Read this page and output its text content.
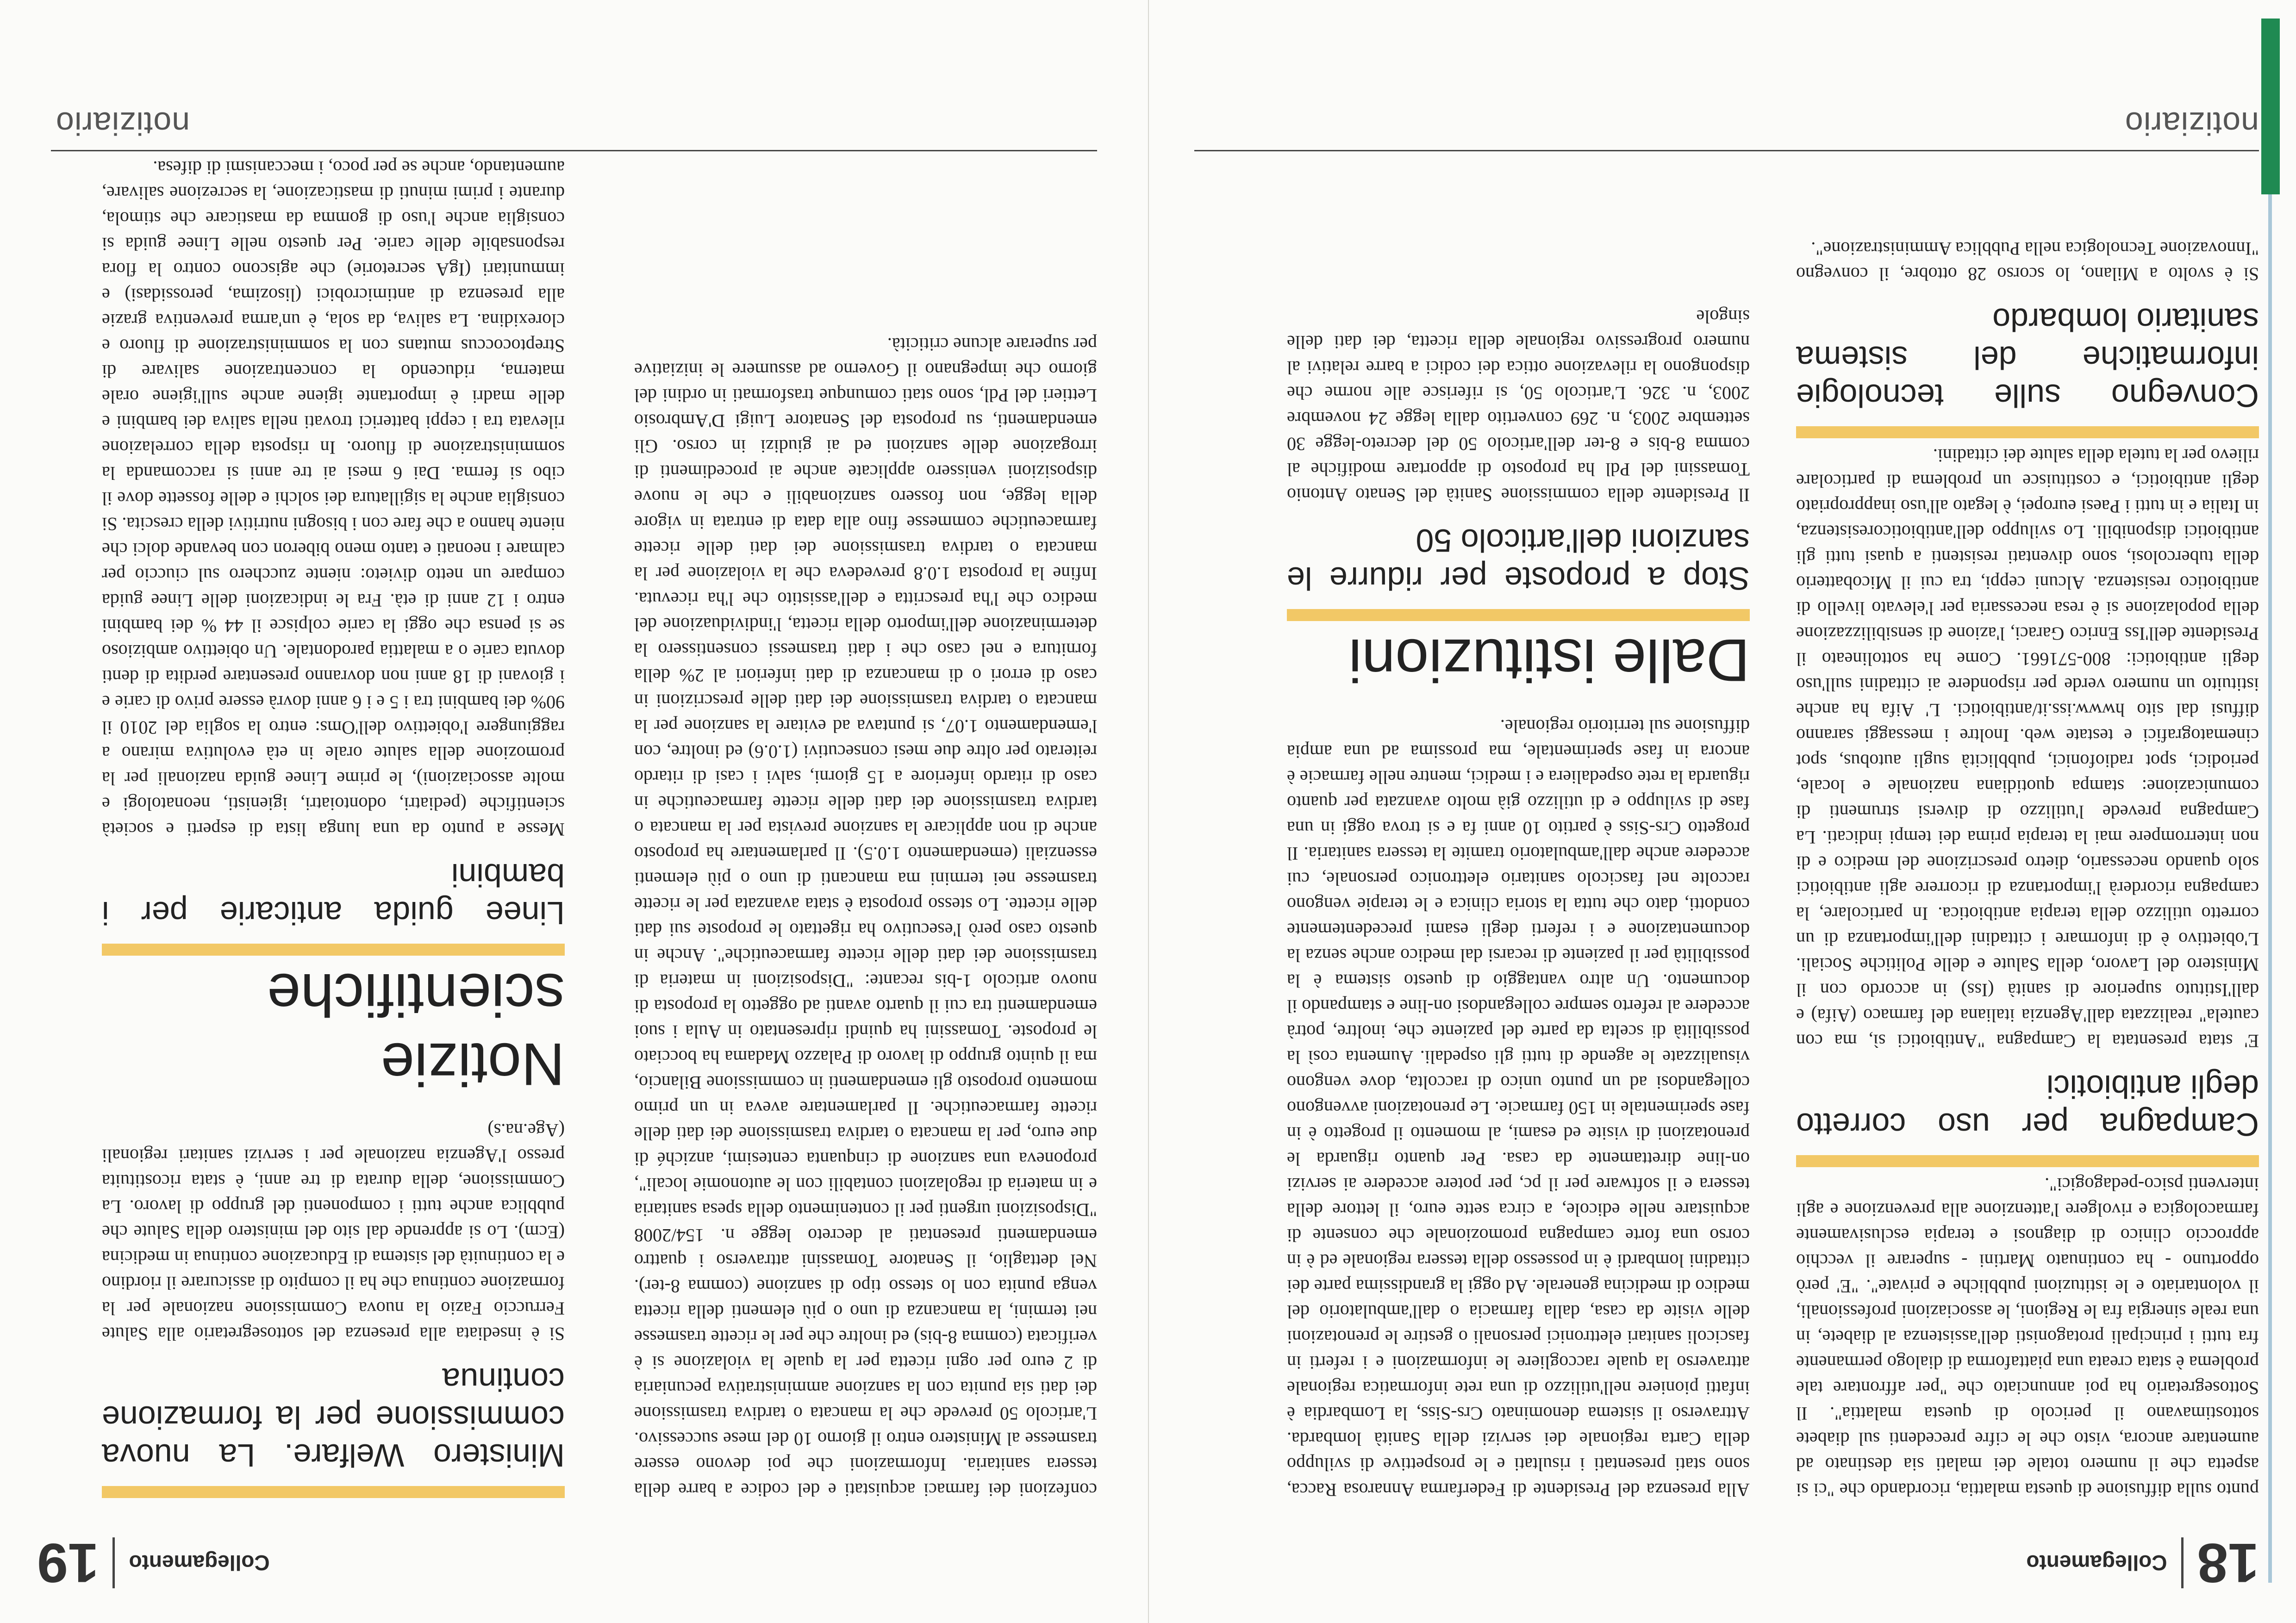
18
Collegamento

punto sulla diffusione di questa malattia, ricordando che "ci si aspetta che il numero totale dei malati sia destinato ad aumentare ancora, visto che le cifre precedenti sul diabete sottostimavano il pericolo di questa malattia". Il Sottosegretario ha poi annunciato che "per affrontare tale problema è stata creata una piattaforma di dialogo permanente fra tutti i principali protagonisti dell'assistenza al diabete, in una reale sinergia fra le Regioni, le associazioni professionali, il volontariato e le istituzioni pubbliche e private". "E' però opportuno - ha continuato Martini - superare il vecchio approccio clinico di diagnosi e terapia esclusivamente farmacologica e rivolgere l'attenzione alla prevenzione e agli interventi psico-pedagogici".

Campagna per uso corretto degli antibiotici

E' stata presentata la Campagna "Antibiotici sì, ma con cautela" realizzata dall'Agenzia italiana del farmaco (Aifa) e dall'Istituto superiore di sanità (Iss) in accordo con il Ministero del Lavoro, della Salute e delle Politiche Sociali. L'obiettivo è di informare i cittadini dell'importanza di un corretto utilizzo della terapia antibiotica. In particolare, la campagna ricorderà l'importanza di ricorrere agli antibiotici solo quando necessario, dietro prescrizione del medico e di non interrompere mai la terapia prima dei tempi indicati. La Campagna prevede l'utilizzo di diversi strumenti di comunicazione: stampa quotidiana nazionale e locale, periodici, spot radiofonici, pubblicità sugli autobus, spot cinematografici e testate web. Inoltre i messaggi saranno diffusi dal sito hwww.iss.it/antibiotici. L' Aifa ha anche istituito un numero verde per rispondere ai cittadini sull'uso degli antibiotici: 800-571661. Come ha sottolineato il Presidente dell'Iss Enrico Garaci, l'azione di sensibilizzazione della popolazione si è resa necessaria per l'elevato livello di antibiotico resistenza. Alcuni ceppi, tra cui il Micobatterio della tubercolosi, sono diventati resistenti a quasi tutti gli antibiotici disponibili. Lo sviluppo dell'antibioticoresistenza, in Italia e in tutti i Paesi europei, è legato all'uso inappropriato degli antibiotici, e costituisce un problema di particolare rilievo per la tutela della salute dei cittadini.

Convegno sulle tecnologie informatiche del sistema sanitario lombardo

Si è svolto a Milano, lo scorso 28 ottobre, il convegno "Innovazione Tecnologica nella Pubblica Amministrazione".

Alla presenza del Presidente di Federfarma Annarosa Racca, sono stati presentati i risultati e le prospettive di sviluppo della Carta regionale dei servizi della Sanità lombarda. Attraverso il sistema denominato Crs-Siss, la Lombardia è infatti pioniere nell'utilizzo di una rete informatica regionale attraverso la quale raccogliere le informazioni e i referti in fascicoli sanitari elettronici personali o gestire le prenotazioni delle visite da casa, dalla farmacia o dall'ambulatorio del medico di medicina generale. Ad oggi la grandissima parte dei cittadini lombardi è in possesso della tessera regionale ed è in corso una forte campagna promozionale che consente di acquistare nelle edicole, a circa sette euro, il lettore della tessera e il software per il pc, per potere accedere ai servizi on-line direttamente da casa. Per quanto riguarda le prenotazioni di visite ed esami, al momento il progetto è in fase sperimentale in 150 farmacie. Le prenotazioni avvengono collegandosi ad un punto unico di raccolta, dove vengono visualizzate le agende di tutti gli ospedali. Aumenta così la possibilità di scelta da parte del paziente che, inoltre, potrà accedere al referto sempre collegandosi on-line e stampando il documento. Un altro vantaggio di questo sistema è la possibilità per il paziente di recarsi dal medico anche senza la documentazione e i referti degli esami precedentemente condotti, dato che tutta la storia clinica e le terapie vengono raccolte nel fascicolo sanitario elettronico personale, cui accedere anche dall'ambulatorio tramite la tessera sanitaria. Il progetto Crs-Siss è partito 10 anni fa e si trova oggi in una fase di sviluppo e di utilizzo già molto avanzata per quanto riguarda la rete ospedaliera e i medici, mentre nelle farmacie è ancora in fase sperimentale, ma prossima ad una ampia diffusione sul territorio regionale.

Dalle istituzioni
Stop a proposte per ridurre le sanzioni dell'articolo 50

Il Presidente della commissione Sanità del Senato Antonio Tomassini del Pdl ha proposto di apportare modifiche al comma 8-bis e 8-ter dell'articolo 50 del decreto-legge 30 settembre 2003, n. 269 convertito dalla legge 24 novembre 2003, n. 326. L'articolo 50, si riferisce alle norme che dispongono la rilevazione ottica dei codici a barre relativi al numero progressivo regionale della ricetta, dei dati delle singole

notiziario
Collegamento
19

confezioni dei farmaci acquistati e del codice a barre della tessera sanitaria. Informazioni che poi devono essere trasmesse al Ministero entro il giorno 10 del mese successivo. L'articolo 50 prevede che la mancata o tardiva trasmissione dei dati sia punita con la sanzione amministrativa pecuniaria di 2 euro per ogni ricetta per la quale la violazione si è verificata (comma 8-bis) ed inoltre che per le ricette trasmesse nei termini, la mancanza di uno o più elementi della ricetta venga punita con lo stesso tipo di sanzione (comma 8-ter). Nel dettaglio, il Senatore Tomassini attraverso i quattro emendamenti presentati al decreto legge n. 154/2008 "Disposizioni urgenti per il contenimento della spesa sanitaria e in materia di regolazioni contabili con le autonomie locali", proponeva una sanzione di cinquanta centesimi, anziché di due euro, per la mancata o tardiva trasmissione dei dati delle ricette farmaceutiche. Il parlamentare aveva in un primo momento proposto gli emendamenti in commissione Bilancio, ma il quinto gruppo di lavoro di Palazzo Madama ha bocciato le proposte. Tomassini ha quindi ripresentato in Aula i suoi emendamenti tra cui il quarto avanti ad oggetto la proposta di nuovo articolo 1-bis recante: "Disposizioni in materia di trasmissione dei dati delle ricette farmaceutiche". Anche in questo caso però l'esecutivo ha rigettato le proposte sui dati delle ricette. Lo stesso proposta è stata avanzata per le ricette trasmesse nei termini ma mancanti di uno o più elementi essenziali (emendamento 1.0.5). Il parlamentare ha proposto anche di non applicare la sanzione prevista per la mancata o tardiva trasmissione dei dati delle ricette farmaceutiche in caso di ritardo inferiore a 15 giorni, salvi i casi di ritardo reiterato per oltre due mesi consecutivi (1.0.6) ed inoltre, con l'emendamento 1.07, si puntava ad evitare la sanzione per la mancata o tardiva trasmissione dei dati delle prescrizioni in caso di errori o di mancanza di dati inferiori al 2% della fornitura e nel caso che i dati trasmessi consentissero la determinazione dell'importo della ricetta, l'individuazione del medico che l'ha prescritta e dell'assistito che l'ha ricevuta. Infine la proposta 1.0.8 prevedeva che la violazione per la mancata o tardiva trasmissione dei dati delle ricette farmaceutiche commesse fino alla data di entrata in vigore della legge, non fossero sanzionabili e che le nuove disposizioni venissero applicate anche ai procedimenti di irrogazione delle sanzioni ed ai giudizi in corso. Gli emendamenti, su proposta del Senatore Luigi D'Ambrosio Lettieri del Pdl, sono stati comunque trasformati in ordini del giorno che impegnano il Governo ad assumere le iniziative per superare alcune criticità.

Ministero Welfare. La nuova commissione per la formazione continua

Si è insediata alla presenza del sottosegretario alla Salute Ferruccio Fazio la nuova Commissione nazionale per la formazione continua che ha il compito di assicurare il riordino e la continuità del sistema di Educazione continua in medicina (Ecm). Lo si apprende dal sito del ministero della Salute che pubblica anche tutti i componenti del gruppo di lavoro. La Commissione, della durata di tre anni, è stata ricostituita presso l'Agenzia nazionale per i servizi sanitari regionali (Age.na.s)

Notizie scientifiche
Linee guida anticarie per i bambini

Messe a punto da una lunga lista di esperti e società scientifiche (pediatri, odontoiatri, igienisti, neonatologi e molte associazioni), le prime Linee guida nazionali per la promozione della salute orale in età evolutiva mirano a raggiungere l'obiettivo dell'Oms: entro la soglia del 2010 il 90% dei bambini tra i 5 e i 6 anni dovrà essere privo di carie e i giovani di 18 anni non dovranno presentare perdita di denti dovuta carie o a malattia parodontale. Un obiettivo ambizioso se si pensa che oggi la carie colpisce il 44 % dei bambini entro i 12 anni di età. Fra le indicazioni delle Linee guida compare un netto divieto: niente zucchero sul ciuccio per calmare i neonati e tanto meno biberon con bevande dolci che niente hanno a che fare con i bisogni nutritivi della crescita. Si consiglia anche la sigillatura dei solchi e delle fossette dove il cibo si ferma. Dai 6 mesi ai tre anni si raccomanda la somministrazione di fluoro. In risposta della correlazione rilevata tra i ceppi batterici trovati nella saliva dei bambini e delle madri è importante igiene anche sull'igiene orale materna, riducendo la concentrazione salivare di Streptococcus mutans con la somministrazione di fluoro e clorexidina. La saliva, da sola, è un'arma preventiva grazie alla presenza di antimicrobici (lisozima, perossidasi) e immunitari (IgA secretorie) che agiscono contro la flora responsabile delle carie. Per questo nelle Linee guida si consiglia anche l'uso di gomma da masticare che stimola, durante i primi minuti di masticazione, la secrezione salivare, aumentando, anche se per poco, i meccanismi di difesa.

notiziario
